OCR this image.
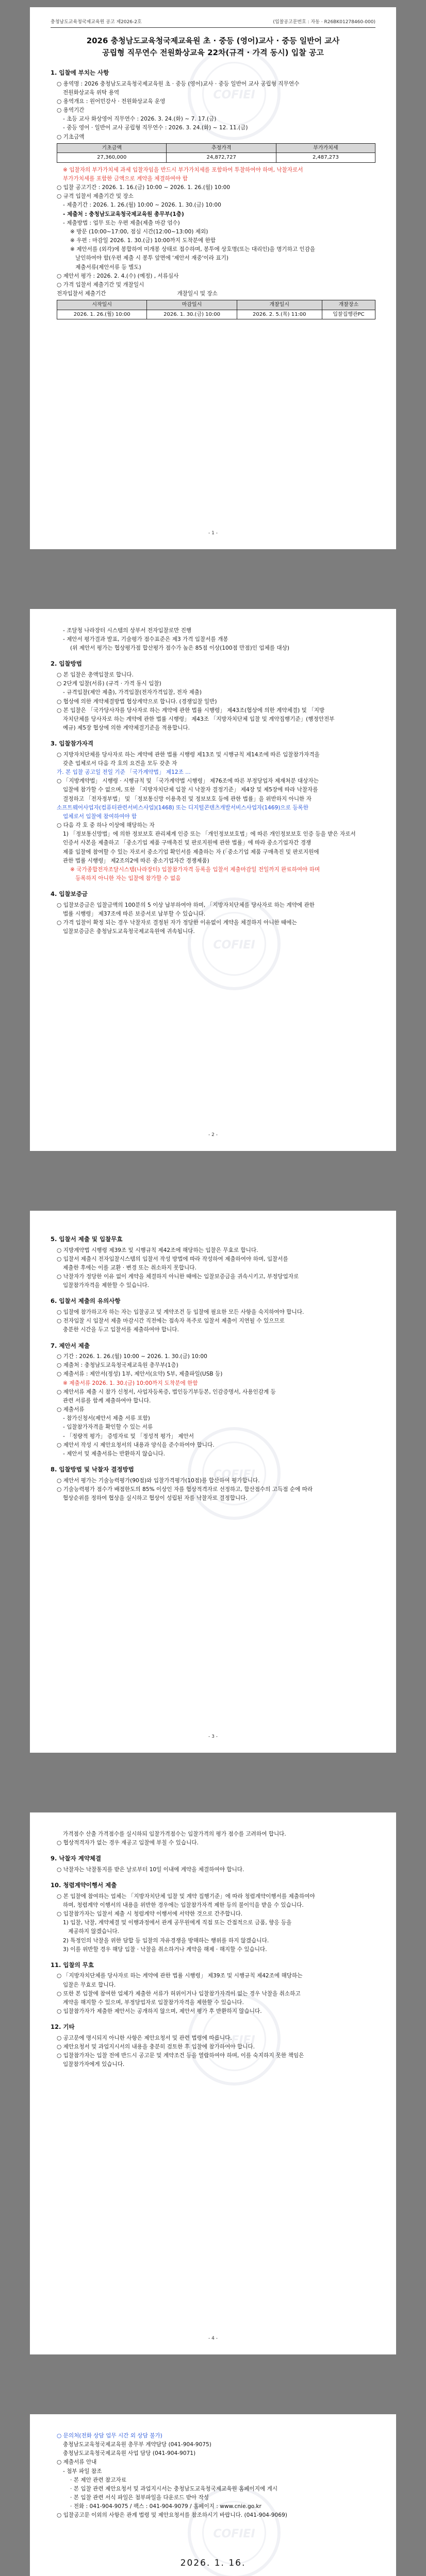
COFIEI
충청남도교육청국제교육원 공고 제2026-2호	(입찰공고문번호 : 자동 · R26BK01278460-000)
2026 충청남도교육청국제교육원 초 · 중등 (영어)교사 · 중등 일반어 교사
공립형 직무연수 전원화상교육 22차(규격 · 가격 동시) 입찰 공고
1. 입찰에 부치는 사항
○ 용역명 : 2026 충청남도교육청국제교육원 초 · 중등 (영어)교사 · 중등 일반어 교사 공립형 직무연수
전원화상교육 위탁 용역
○ 용역개요 : 원어민강사 · 전원화상교육 운영
○ 용역기간
- 초등 교사 화상영어 직무연수 : 2026. 3. 24.(화) ~ 7. 17.(금)
- 중등 영어 · 일반어 교사 공립형 직무연수 : 2026. 3. 24.(화) ~ 12. 11.(금)
○ 기초금액
기초금액	추정가격	부가가치세
27,360,000	24,872,727	2,487,273
※ 입찰자의 부가가치세 과세 입찰자임을 반드시 부가가치세를 포함하여 투찰하여야 하며, 낙찰자로서
부가가치세를 포함한 금액으로 계약을 체결하여야 함
○ 입찰 공고기간 : 2026. 1. 16.(금) 10:00 ~ 2026. 1. 26.(월) 10:00
○ 규격 입찰서 제출기간 및 장소
- 제출기간 : 2026. 1. 26.(월) 10:00 ~ 2026. 1. 30.(금) 10:00
- 제출처 : 충청남도교육청국제교육원 총무부(1층)
- 제출방법 : 업무 또는 우편 제출(제출 마감 엄수)
※ 방문 (10:00~17:00, 점심 시간(12:00~13:00) 제외)
※ 우편 : 마감일 2026. 1. 30.(금) 10:00까지 도착분에 한함
※ 제안서를 (외각)에 봉합하여 미개봉 상태로 접수하며, 봉투에 상호명(또는 대리인)을 명기하고 인감을
날인하여야 함(우편 제출 시 봉투 앞면에 '제안서 재중'이라 표기)
제출서류(제안서류 등 별도)
○ 제안서 평가 : 2026. 2. 4.(수) (예정) , 서류심사
○ 가격 입찰서 제출기간 및 개찰일시
전자입찰서 제출기간                                         개찰일시 및 장소
시작일시	마감일시	개찰일시	개찰장소
2026. 1. 26.(월) 10:00	2026. 1. 30.(금) 10:00	2026. 2. 5.(목) 11:00	입찰집행관PC
- 1 -
COFIEI
- 조달청 나라장터 시스템의 상부서 전자입찰로만 진행
- 제안서 평가결과 발표, 기술평가 점수표준은 제3 가격 입찰서를 개봉
(위 제안서 평가는 협상평가점 합산평가 점수가 높은 85점 이상(100점 만점)인 업체를 대상)
2. 입찰방법
○ 본 입찰은 총액입찰로 합니다.
○ 2단계 입찰(서류) (규격 · 가격 동시 입찰)
- 규격입찰(제안 제출), 가격입찰(전자가격입찰, 전자 제출)
○ 협상에 의한 계약체결방법 협상계약으로 합니다. (경쟁입찰 일반)
○ 본 입찰은 「국가당사자를 당사자로 하는 계약에 관한 법률 시행령」 제43조(협상에 의한 계약체결) 및 「지방
자치단체를 당사자로 하는 계약에 관한 법률 시행령」 제43조 「지방자치단체 입찰 및 계약집행기준」(행정안전부
예규) 제5장 협상에 의한 계약체결기준을 적용합니다.
3. 입찰참가자격
○ 지방자치단체를 당사자로 하는 계약에 관한 법률 시행령 제13조 및 시행규칙 제14조에 따른 입찰참가자격을
갖춘 업체로서 다음 각 호의 요건을 모두 갖춘 자
가. 본 입찰 공고일 전일 기준 「국가계약법」 제12조 …
○ 「지방계약법」 시행령 · 시행규칙 및 「국가계약법 시행령」 제76조에 따른 부정당업자 제재처분 대상자는
입찰에 참가할 수 없으며, 또한 「지방자치단체 입찰 시 낙찰자 결정기준」 제4장 및 제5장에 따라 낙찰자를
결정하고 「전자정부법」 및 「정보통신망 이용촉진 및 정보보호 등에 관한 법률」을 위반하지 아니한 자
소프트웨어사업자(컴퓨터관련서비스사업)(1468) 또는 디지털콘텐츠개발서비스사업자(1469)으로 등록한
업체로서 입찰에 참여하여야 함
○ 다음 각 호 중 하나 이상에 해당하는 자
1) 「정보통신망법」에 의한 정보보호 관리체계 인증 또는 「개인정보보호법」에 따른 개인정보보호 인증 등을 받은 자로서
인증서 사본을 제출하고 「중소기업 제품 구매촉진 및 판로지원에 관한 법률」에 따라 중소기업자간 경쟁
제품 입찰에 참여할 수 있는 자로서 중소기업 확인서를 제출하는 자 (「중소기업 제품 구매촉진 및 판로지원에
관한 법률 시행령」 제2조의2에 따른 중소기업자간 경쟁제품)
※ 국가종합전자조달시스템(나라장터) 입찰참가자격 등록을 입찰서 제출마감일 전일까지 완료하여야 하며
등록하지 아니한 자는 입찰에 참가할 수 없음
4. 입찰보증금
○ 입찰보증금은 입찰금액의 100분의 5 이상 납부하여야 하며, 「지방자치단체를 당사자로 하는 계약에 관한
법률 시행령」 제37조에 따른 보증서로 납부할 수 있습니다.
○ 가격 입찰이 확정 되는 경우 낙찰자로 결정된 자가 정당한 이유없이 계약을 체결하지 아니한 때에는
입찰보증금은 충청남도교육청국제교육원에 귀속됩니다.
- 2 -
COFIEI
5. 입찰서 제출 및 입찰무효
○ 지방계약법 시행령 제39조 및 시행규칙 제42조에 해당하는 입찰은 무효로 합니다.
○ 입찰서 제출시 전자입찰시스템의 입찰서 작성 방법에 따라 작성하여 제출하여야 하며, 입찰서를
제출한 후에는 이를 교환 · 변경 또는 취소하지 못합니다.
○ 낙찰자가 정당한 이유 없이 계약을 체결하지 아니한 때에는 입찰보증금을 귀속시키고, 부정당업자로
입찰참가자격을 제한할 수 있습니다.
6. 입찰서 제출의 유의사항
○ 입찰에 참가하고자 하는 자는 입찰공고 및 계약조건 등 입찰에 필요한 모든 사항을 숙지하여야 합니다.
○ 전자입찰 시 입찰서 제출 마감시간 직전에는 접속자 폭주로 입찰서 제출이 지연될 수 있으므로
충분한 시간을 두고 입찰서를 제출하여야 합니다.
7. 제안서 제출
○ 기간 : 2026. 1. 26.(월) 10:00 ~ 2026. 1. 30.(금) 10:00
○ 제출처 : 충청남도교육청국제교육원 총무부(1층)
○ 제출서류 : 제안서(정성) 1부, 제안서(요약) 5부, 제출파일(USB 등)
※ 제출서류 2026. 1. 30.(금) 10:00까지 도착분에 한함
○ 제안서류 제출 시 참가 신청서, 사업자등록증, 법인등기부등본, 인감증명서, 사용인감계 등
관련 서류를 함께 제출하여야 합니다.
○ 제출서류
- 참가신청서(제안서 제출 서류 포함)
- 입찰참가자격을 확인할 수 있는 서류
- 「정량적 평가」 증빙자료 및 「정성적 평가」 제안서
○ 제안서 작성 시 제안요청서의 내용과 양식을 준수하여야 합니다.
- 제안서 및 제출서류는 반환하지 않습니다.
8. 입찰방법 및 낙찰자 결정방법
○ 제안서 평가는 기술능력평가(90점)와 입찰가격평가(10점)를 합산하여 평가합니다.
○ 기술능력평가 점수가 배점한도의 85% 이상인 자를 협상적격자로 선정하고, 합산점수의 고득점 순에 따라
협상순위를 정하여 협상을 실시하고 협상이 성립된 자를 낙찰자로 결정합니다.
- 3 -
COFIEI
가격점수 산출 가격점수를 실시하되 입찰가격점수는 입찰가격의 평가 점수를 고려하여 합니다.
○ 협상적격자가 없는 경우 재공고 입찰에 부칠 수 있습니다.
9. 낙찰자 계약체결
○ 낙찰자는 낙찰통지를 받은 날로부터 10일 이내에 계약을 체결하여야 합니다.
10. 청렴계약이행서 제출
○ 본 입찰에 참여하는 업체는 「지방자치단체 입찰 및 계약 집행기준」에 따라 청렴계약이행서를 제출하여야
하며, 청렴계약 이행서의 내용을 위반한 경우에는 입찰참가자격 제한 등의 불이익을 받을 수 있습니다.
○ 입찰참가자는 입찰서 제출 시 청렴계약 이행서에 서약한 것으로 간주합니다.
1) 입찰, 낙찰, 계약체결 및 이행과정에서 관계 공무원에게 직접 또는 간접적으로 금품, 향응 등을
제공하지 않겠습니다.
2) 특정인의 낙찰을 위한 담합 등 입찰의 자유경쟁을 방해하는 행위를 하지 않겠습니다.
3) 이를 위반할 경우 해당 입찰 · 낙찰을 취소하거나 계약을 해제 · 해지할 수 있습니다.
11. 입찰의 무효
○ 「지방자치단체를 당사자로 하는 계약에 관한 법률 시행령」 제39조 및 시행규칙 제42조에 해당하는
입찰은 무효로 합니다.
○ 또한 본 입찰에 참여한 업체가 제출한 서류가 허위이거나 입찰참가자격이 없는 경우 낙찰을 취소하고
계약을 해지할 수 있으며, 부정당업자로 입찰참가자격을 제한할 수 있습니다.
○ 입찰참가자가 제출한 제안서는 공개하지 않으며, 제안서 평가 후 반환하지 않습니다.
12. 기타
○ 공고문에 명시되지 아니한 사항은 제안요청서 및 관련 법령에 따릅니다.
○ 제안요청서 및 과업지시서의 내용을 충분히 검토한 후 입찰에 참가하여야 합니다.
○ 입찰참가자는 입찰 전에 반드시 공고문 및 계약조건 등을 열람하여야 하며, 이를 숙지하지 못한 책임은
입찰참가자에게 있습니다.
- 4 -
COFIEI
○ 문의처(전화 상담 업무 시간 외 상담 불가)
충청남도교육청국제교육원 총무부 계약담당 (041-904-9075)
충청남도교육청국제교육원 사업 담당 (041-904-9071)
○ 제출서류 안내
- 첨부 파일 참조
· 본 제안 관련 참고자료
· 본 입찰 관련 제안요청서 및 과업지시서는 충청남도교육청국제교육원 홈페이지에 게시
· 본 입찰 관련 서식 파일은 첨부파일을 다운로드 받아 작성
· 전화 : 041-904-9075 / 팩스 : 041-904-9079 / 홈페이지 : www.cnie.go.kr
○ 입찰공고문 이외의 사항은 관계 법령 및 제안요청서를 참조하시기 바랍니다. (041-904-9069)
2026. 1. 16.
